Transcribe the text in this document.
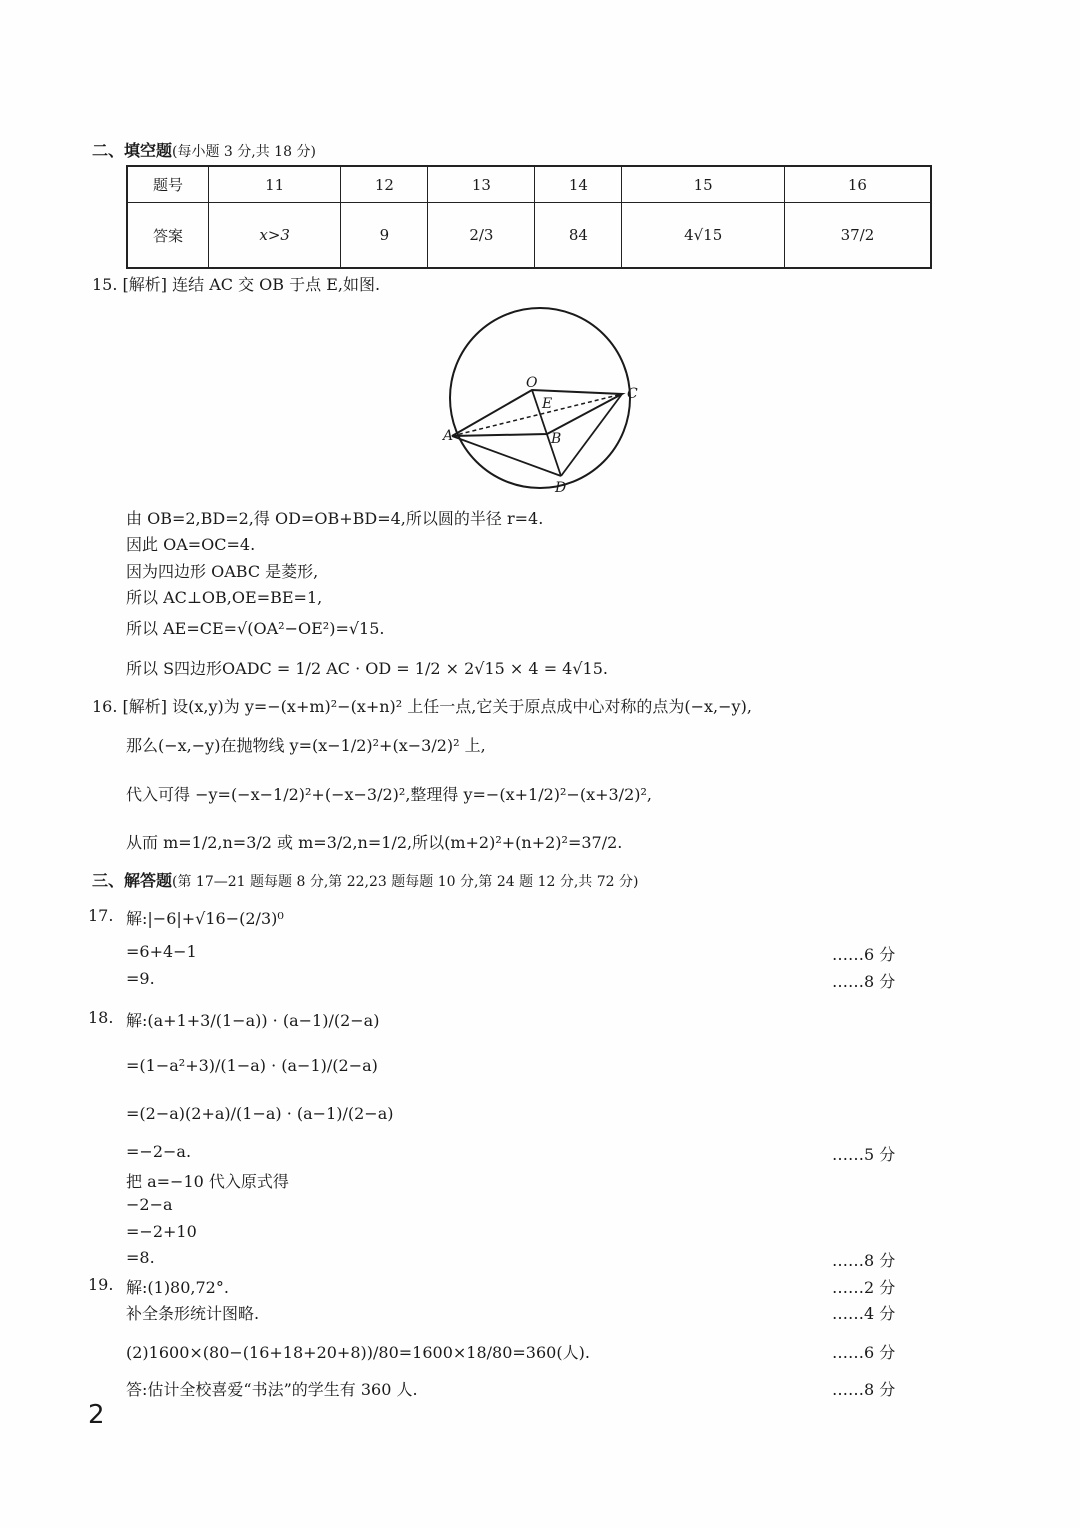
二、填空题(每小题 3 分,共 18 分)
题号	11	12	13	14	15	16
答案	x>3	9	2/3	84	4√15	37/2
15. [解析] 连结 AC 交 OB 于点 E,如图.
O
C
E
A	B
D
由 OB=2,BD=2,得 OD=OB+BD=4,所以圆的半径 r=4.
因此 OA=OC=4.
因为四边形 OABC 是菱形,
所以 AC⊥OB,OE=BE=1,
所以 AE=CE=√(OA²−OE²)=√15.
所以 S四边形OADC = 1/2 AC · OD = 1/2 × 2√15 × 4 = 4√15.
16. [解析] 设(x,y)为 y=−(x+m)²−(x+n)² 上任一点,它关于原点成中心对称的点为(−x,−y),
那么(−x,−y)在抛物线 y=(x−1/2)²+(x−3/2)² 上,
代入可得 −y=(−x−1/2)²+(−x−3/2)²,整理得 y=−(x+1/2)²−(x+3/2)²,
从而 m=1/2,n=3/2 或 m=3/2,n=1/2,所以(m+2)²+(n+2)²=37/2.
三、解答题(第 17—21 题每题 8 分,第 22,23 题每题 10 分,第 24 题 12 分,共 72 分)
17. 解:|−6|+√16−(2/3)⁰
=6+4−1
=9.
……6 分
……8 分
18. 解:(a+1+3/(1−a)) · (a−1)/(2−a)
=(1−a²+3)/(1−a) · (a−1)/(2−a)
=(2−a)(2+a)/(1−a) · (a−1)/(2−a)
=−2−a.
把 a=−10 代入原式得
−2−a
=−2+10
=8.
……5 分
……8 分
19. 解:(1)80,72°.
补全条形统计图略.
(2)1600×(80−(16+18+20+8))/80=1600×18/80=360(人).
答:估计全校喜爱“书法”的学生有 360 人.
……2 分
……4 分
……6 分
……8 分
2
